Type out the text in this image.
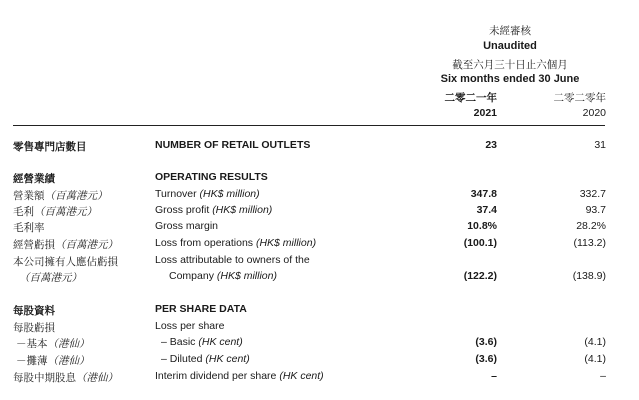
未經審核
Unaudited
截至六月三十日止六個月
Six months ended 30 June
二零二一年	二零二零年
2021	2020
零售專門店數目	NUMBER OF RETAIL OUTLETS	23	31
經營業績	OPERATING RESULTS
營業額（百萬港元）	Turnover (HK$ million)	347.8	332.7
毛利（百萬港元）	Gross profit (HK$ million)	37.4	93.7
毛利率	Gross margin	10.8%	28.2%
經營虧損（百萬港元）	Loss from operations (HK$ million)	(100.1)	(113.2)
本公司擁有人應佔虧損	Loss attributable to owners of the
（百萬港元）	Company (HK$ million)	(122.2)	(138.9)
每股資料	PER SHARE DATA
每股虧損	Loss per share
－基本（港仙）	– Basic (HK cent)	(3.6)	(4.1)
－攤薄（港仙）	– Diluted (HK cent)	(3.6)	(4.1)
每股中期股息（港仙）	Interim dividend per share (HK cent)	–	–
